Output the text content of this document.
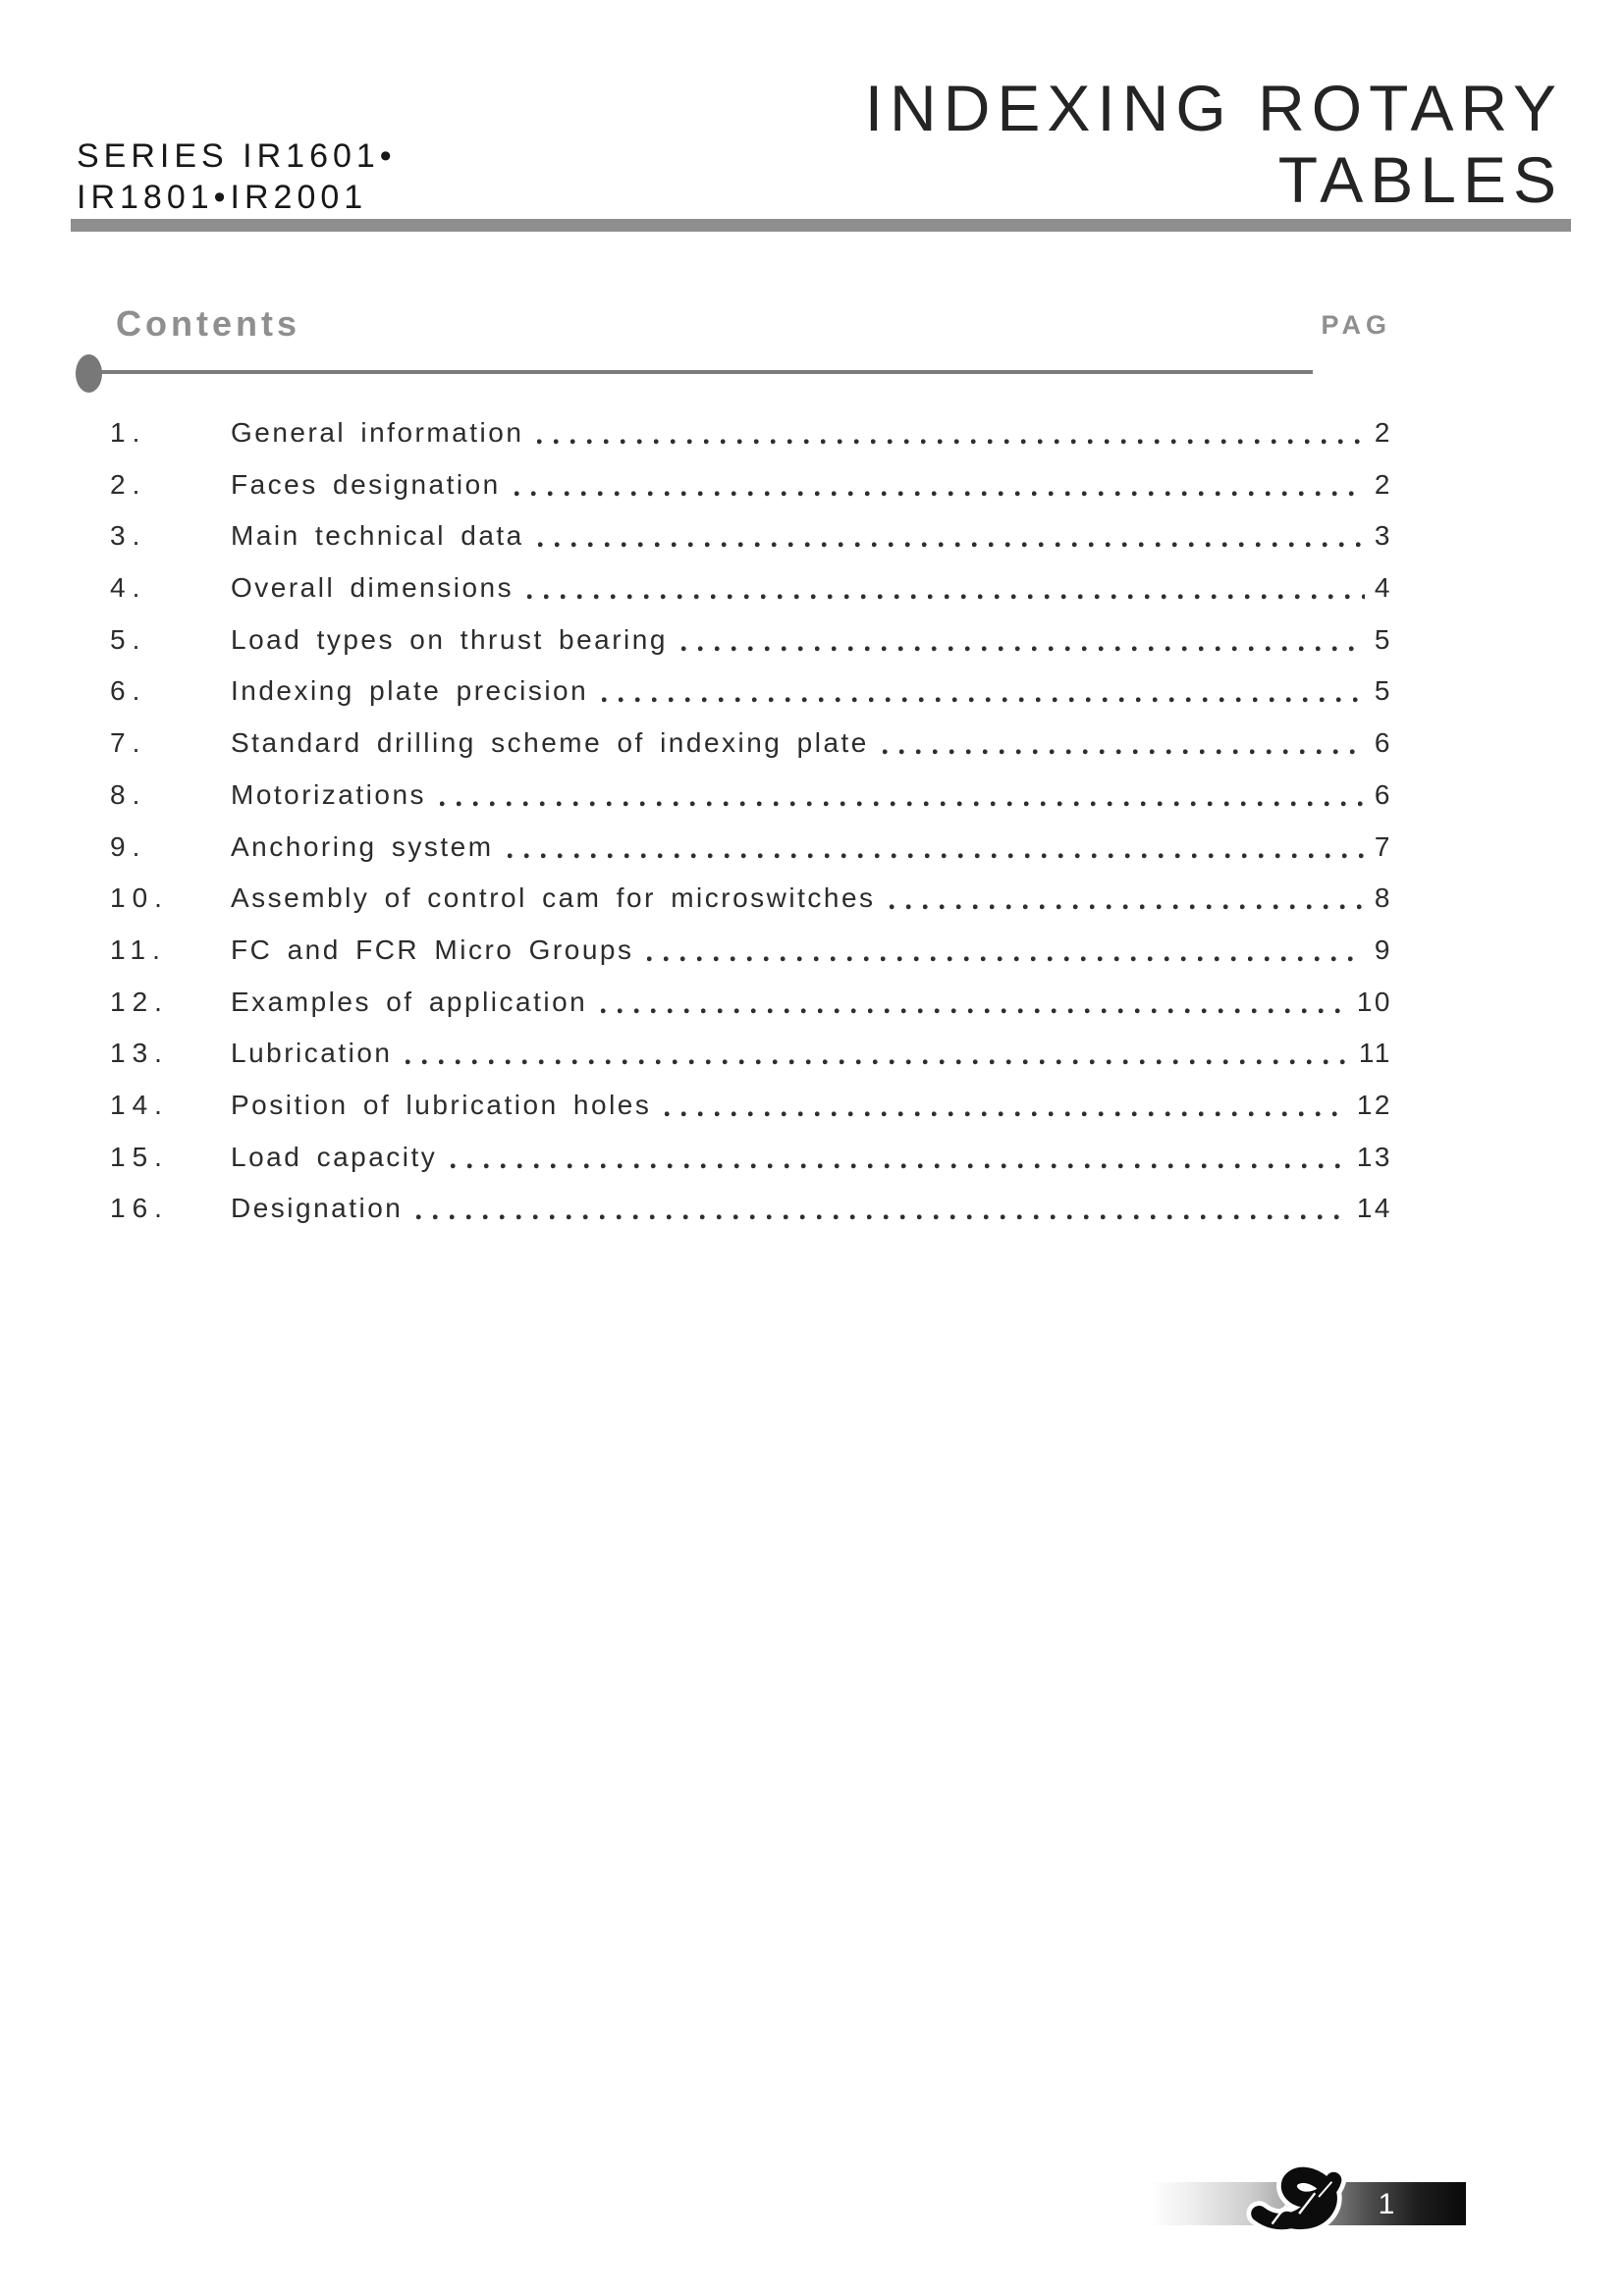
SERIES IR1601•
IR1801•IR2001
INDEXING ROTARY
TABLES
Contents	PAG
1.	General information	2
2.	Faces designation	2
3.	Main technical data	3
4.	Overall dimensions	4
5.	Load types on thrust bearing	5
6.	Indexing plate precision	5
7.	Standard drilling scheme of indexing plate	6
8.	Motorizations	6
9.	Anchoring system	7
10.	Assembly of control cam for microswitches	8
11.	FC and FCR Micro Groups	9
12.	Examples of application	10
13.	Lubrication	11
14.	Position of lubrication holes	12
15.	Load capacity	13
16.	Designation	14
1
